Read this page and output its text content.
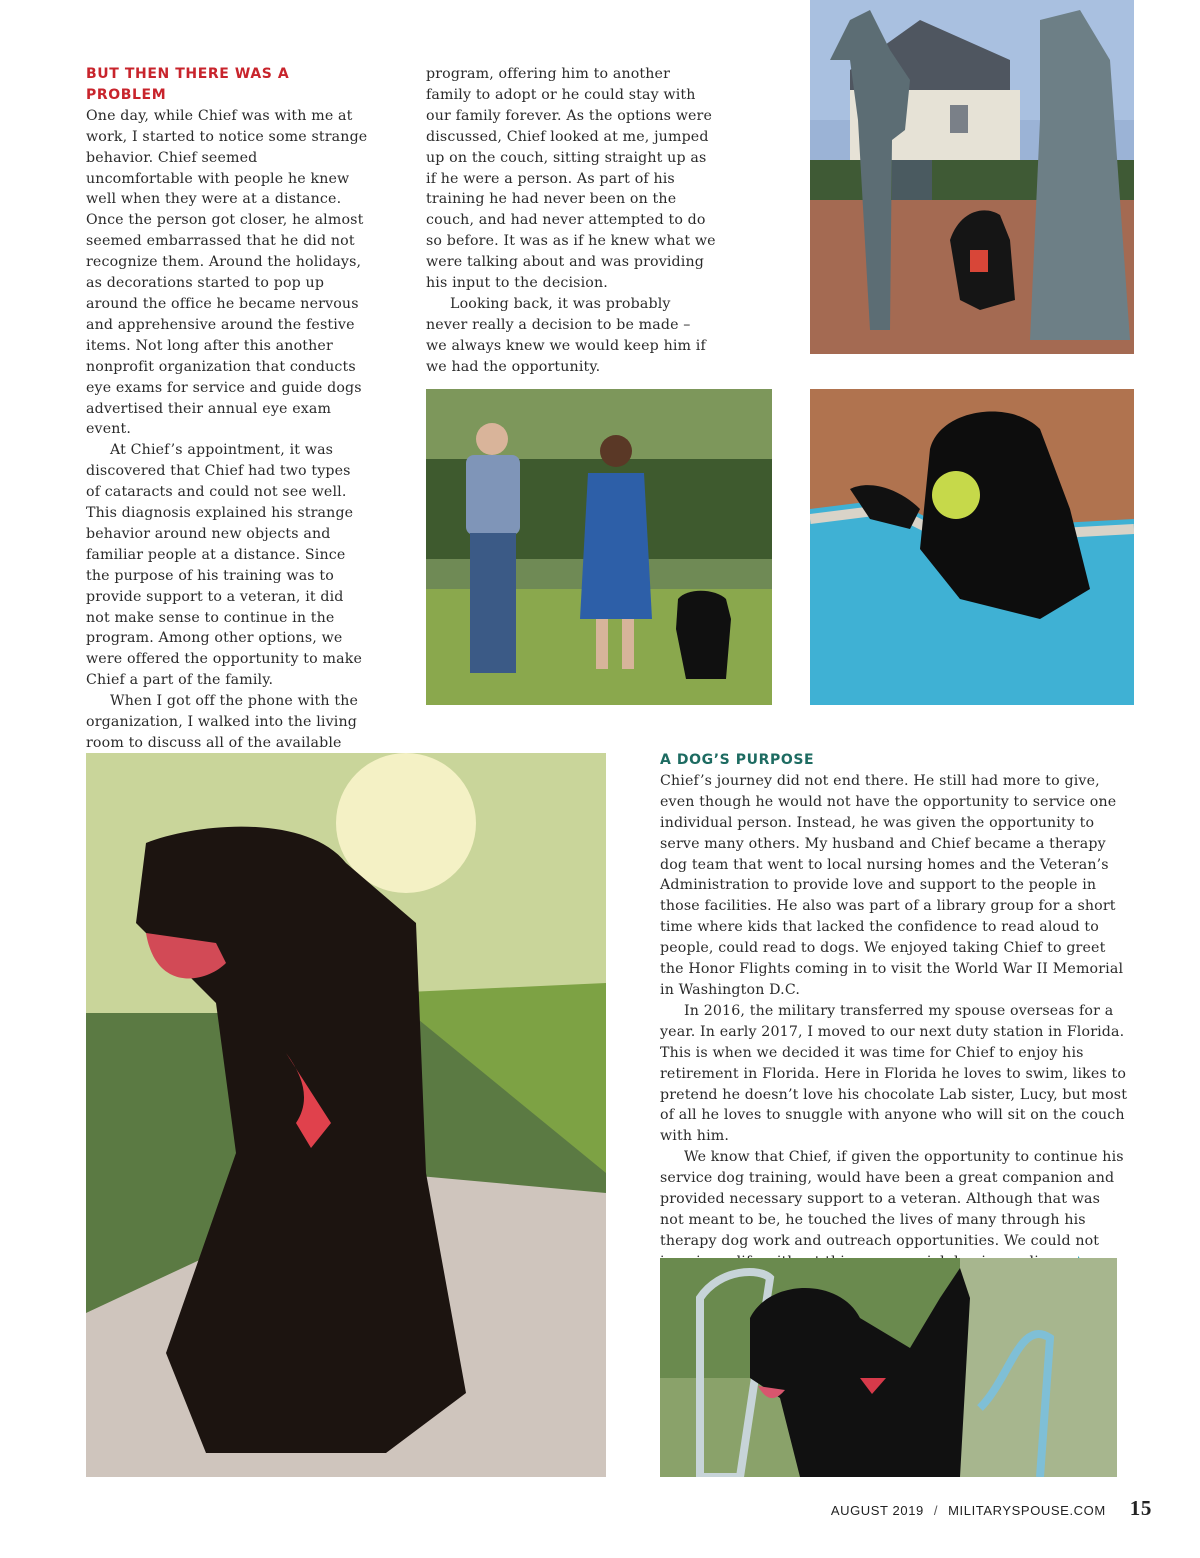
BUT THEN THERE WAS A PROBLEM

One day, while Chief was with me at work, I started to notice some strange behavior. Chief seemed uncomfortable with people he knew well when they were at a distance. Once the person got closer, he almost seemed embarrassed that he did not recognize them. Around the holidays, as decorations started to pop up around the office he became nervous and apprehensive around the festive items. Not long after this another nonprofit organization that conducts eye exams for service and guide dogs advertised their annual eye exam event.

At Chief’s appointment, it was discovered that Chief had two types of cataracts and could not see well. This diagnosis explained his strange behavior around new objects and familiar people at a distance. Since the purpose of his training was to provide support to a veteran, it did not make sense to continue in the program. Among other options, we were offered the opportunity to make Chief a part of the family.

When I got off the phone with the organization, I walked into the living room to discuss all of the available

program, offering him to another family to adopt or he could stay with our family forever. As the options were discussed, Chief looked at me, jumped up on the couch, sitting straight up as if he were a person. As part of his training he had never been on the couch, and had never attempted to do so before. It was as if he knew what we were talking about and was providing his input to the decision.

Looking back, it was probably never really a decision to be made – we always knew we would keep him if we had the opportunity.

A DOG’S PURPOSE

Chief’s journey did not end there. He still had more to give, even though he would not have the opportunity to service one individual person. Instead, he was given the opportunity to serve many others. My husband and Chief became a therapy dog team that went to local nursing homes and the Veteran’s Administration to provide love and support to the people in those facilities. He also was part of a library group for a short time where kids that lacked the confidence to read aloud to people, could read to dogs. We enjoyed taking Chief to greet the Honor Flights coming in to visit the World War II Memorial in Washington D.C.

In 2016, the military transferred my spouse overseas for a year. In early 2017, I moved to our next duty station in Florida. This is when we decided it was time for Chief to enjoy his retirement in Florida. Here in Florida he loves to swim, likes to pretend he doesn’t love his chocolate Lab sister, Lucy, but most of all he loves to snuggle with anyone who will sit on the couch with him.

We know that Chief, if given the opportunity to continue his service dog training, would have been a great companion and provided necessary support to a veteran. Although that was not meant to be, he touched the lives of many through his therapy dog work and outreach opportunities. We could not

AUGUST 2019 / MILITARYSPOUSE.COM 15
